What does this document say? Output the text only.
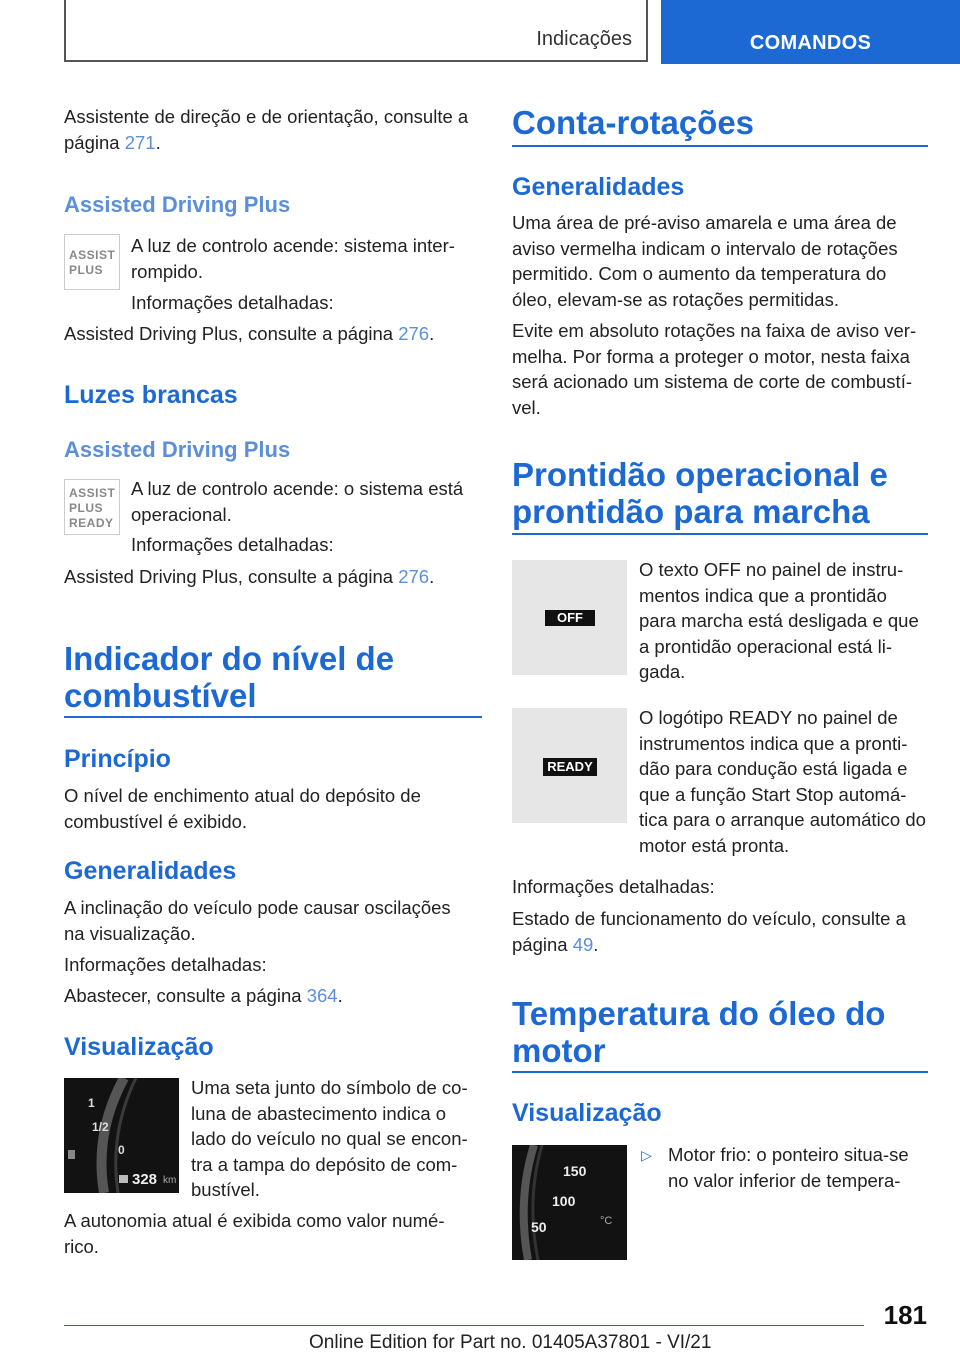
Indicações	COMANDOS

Assistente de direção e de orientação, consulte a página 271.

Assisted Driving Plus
ASSIST
PLUS

A luz de controlo acende: sistema inter-rompido.

Informações detalhadas:

Assisted Driving Plus, consulte a página 276.

Luzes brancas
Assisted Driving Plus
ASSIST
PLUS
READY

A luz de controlo acende: o sistema está operacional.

Informações detalhadas:

Assisted Driving Plus, consulte a página 276.

Indicador do nível de
combustível
Princípio

O nível de enchimento atual do depósito de combustível é exibido.

Generalidades

A inclinação do veículo pode causar oscilações na visualização.

Informações detalhadas:

Abastecer, consulte a página 364.

Visualização
1
1/2
0
328 km

Uma seta junto do símbolo de co-luna de abastecimento indica o lado do veículo no qual se encon-tra a tampa do depósito de com-bustível.

A autonomia atual é exibida como valor numé-rico.

Conta-rotações
Generalidades

Uma área de pré-aviso amarela e uma área de aviso vermelha indicam o intervalo de rotações permitido. Com o aumento da temperatura do óleo, elevam-se as rotações permitidas.

Evite em absoluto rotações na faixa de aviso ver-melha. Por forma a proteger o motor, nesta faixa será acionado um sistema de corte de combustí-vel.

Prontidão operacional e
prontidão para marcha
OFF

O texto OFF no painel de instru-mentos indica que a prontidão para marcha está desligada e que a prontidão operacional está li-gada.

READY

O logótipo READY no painel de instrumentos indica que a pronti-dão para condução está ligada e que a função Start Stop automá-tica para o arranque automático do motor está pronta.

Informações detalhadas:

Estado de funcionamento do veículo, consulte a página 49.

Temperatura do óleo do
motor
Visualização
150
100
50	°C
▷ Motor frio: o ponteiro situa-se no valor inferior de tempera-

181
Online Edition for Part no. 01405A37801 - VI/21
